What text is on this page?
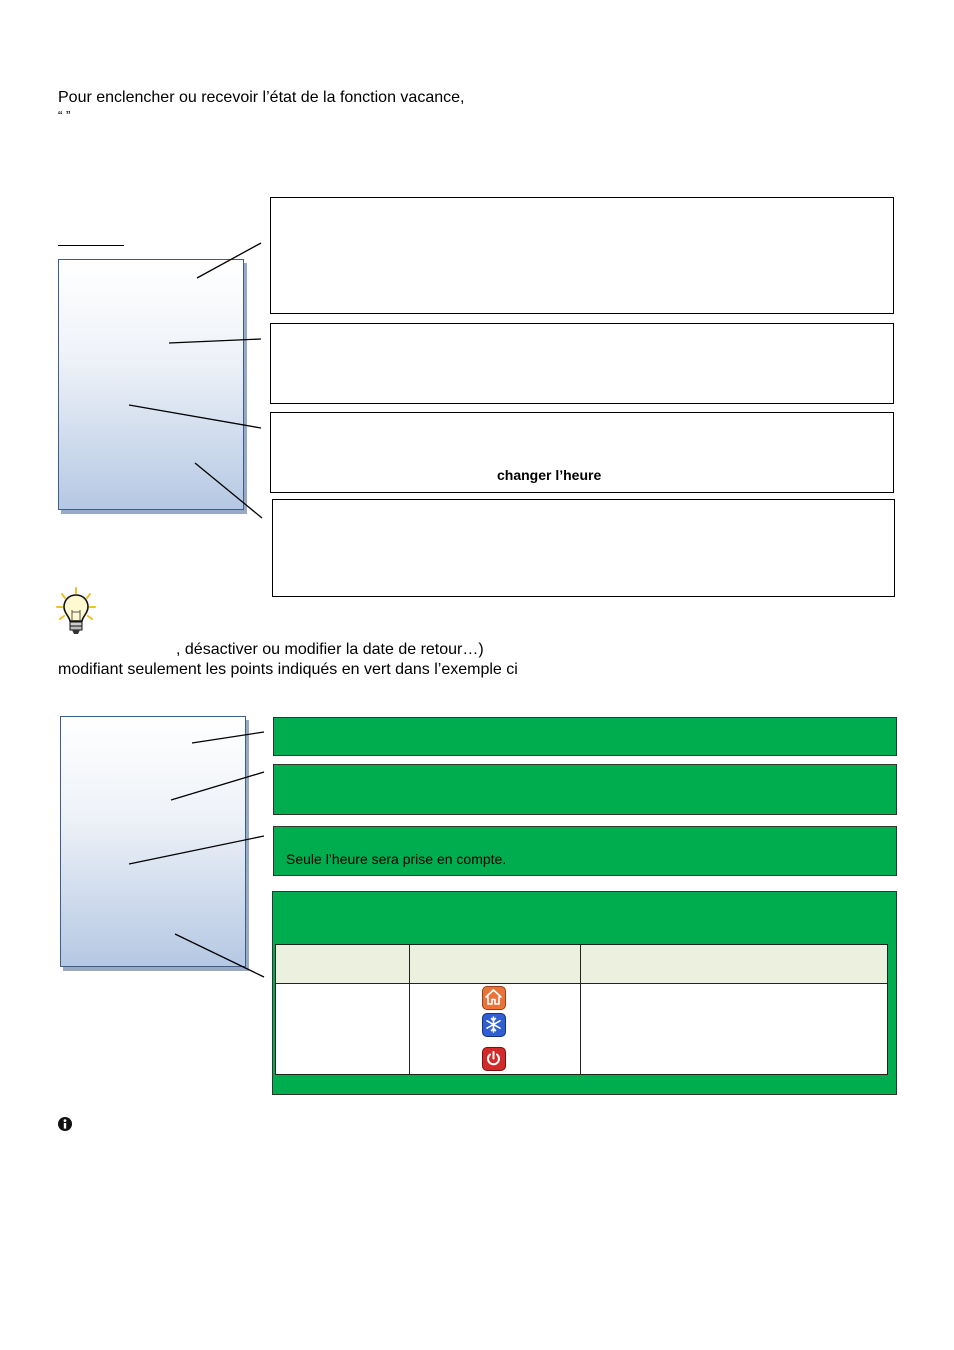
Pour enclencher ou recevoir l’état de la fonction vacance,
“ ”
changer l’heure
, désactiver ou modifier la date de retour…)
modifiant seulement les points indiqués en vert dans l’exemple ci
Seule l’heure sera prise en compte.
